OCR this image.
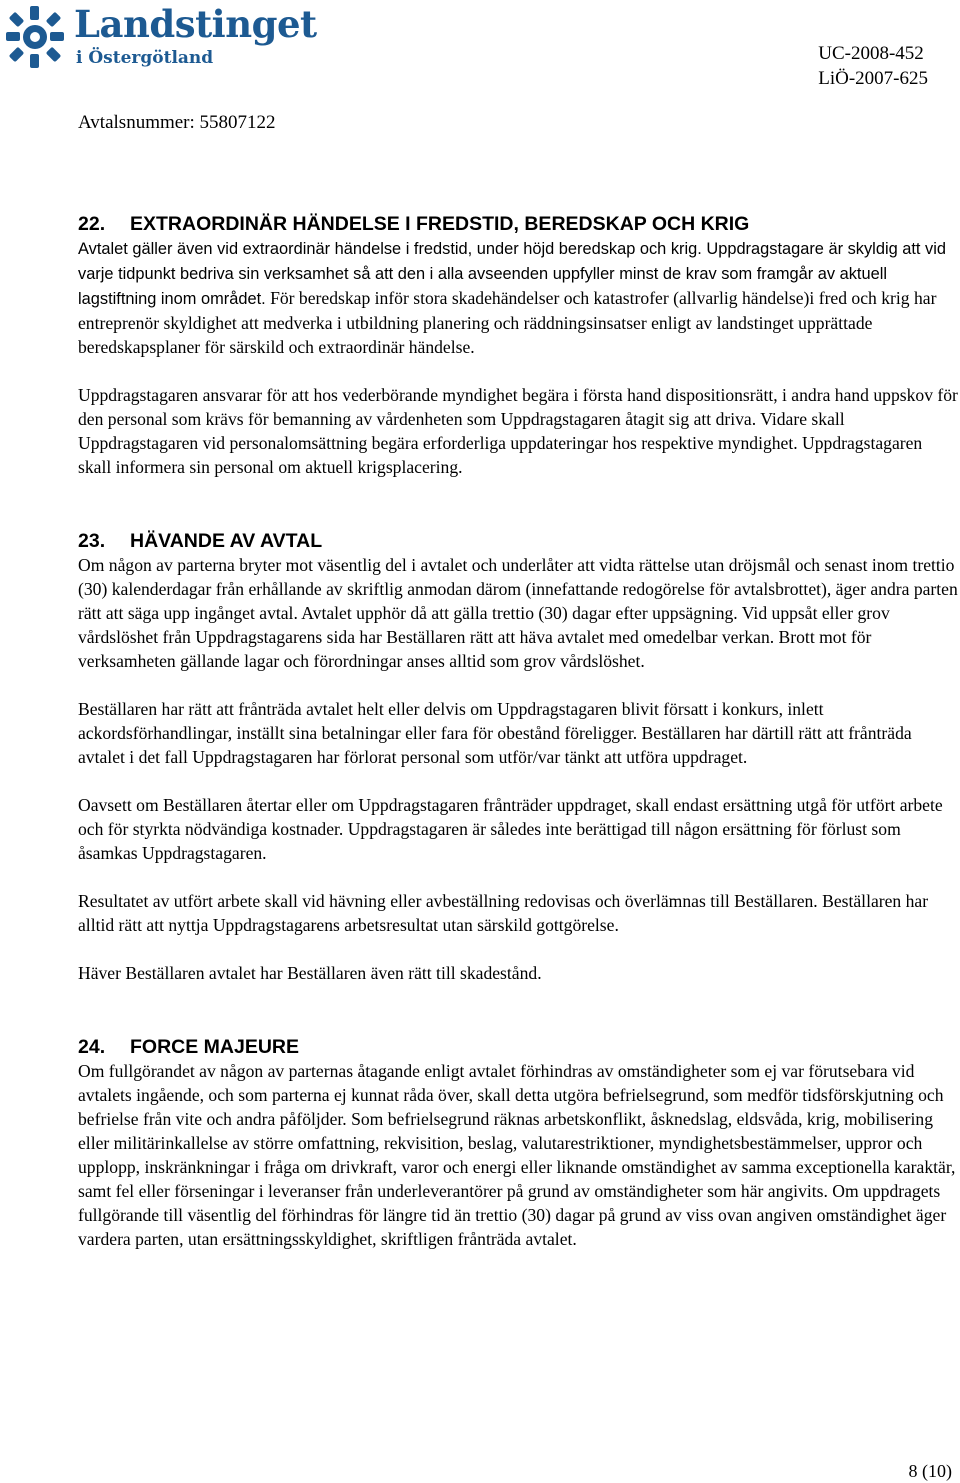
Landstinget
i Östergötland	UC-2008-452
LiÖ-2007-625
Avtalsnummer: 55807122
22. EXTRAORDINÄR HÄNDELSE I FREDSTID, BEREDSKAP OCH KRIG

Avtalet gäller även vid extraordinär händelse i fredstid, under höjd beredskap och krig. Uppdragstagare är skyldig att vid varje tidpunkt bedriva sin verksamhet så att den i alla avseenden uppfyller minst de krav som framgår av aktuell lagstiftning inom området. För beredskap inför stora skadehändelser och katastrofer (allvarlig händelse)i fred och krig har entreprenör skyldighet att medverka i utbildning planering och räddningsinsatser enligt av landstinget upprättade beredskapsplaner för särskild och extraordinär händelse.

Uppdragstagaren ansvarar för att hos vederbörande myndighet begära i första hand dispositionsrätt, i andra hand uppskov för den personal som krävs för bemanning av vårdenheten som Uppdragstagaren åtagit sig att driva. Vidare skall Uppdragstagaren vid personalomsättning begära erforderliga uppdateringar hos respektive myndighet. Uppdragstagaren skall informera sin personal om aktuell krigsplacering.

23. HÄVANDE AV AVTAL

Om någon av parterna bryter mot väsentlig del i avtalet och underlåter att vidta rättelse utan dröjsmål och senast inom trettio (30) kalenderdagar från erhållande av skriftlig anmodan därom (innefattande redogörelse för avtalsbrottet), äger andra parten rätt att säga upp ingånget avtal. Avtalet upphör då att gälla trettio (30) dagar efter uppsägning. Vid uppsåt eller grov vårdslöshet från Uppdragstagarens sida har Beställaren rätt att häva avtalet med omedelbar verkan. Brott mot för verksamheten gällande lagar och förordningar anses alltid som grov vårdslöshet.

Beställaren har rätt att frånträda avtalet helt eller delvis om Uppdragstagaren blivit försatt i konkurs, inlett ackordsförhandlingar, inställt sina betalningar eller fara för obestånd föreligger. Beställaren har därtill rätt att frånträda avtalet i det fall Uppdragstagaren har förlorat personal som utför/var tänkt att utföra uppdraget.

Oavsett om Beställaren återtar eller om Uppdragstagaren frånträder uppdraget, skall endast ersättning utgå för utfört arbete och för styrkta nödvändiga kostnader. Uppdragstagaren är således inte berättigad till någon ersättning för förlust som åsamkas Uppdragstagaren.

Resultatet av utfört arbete skall vid hävning eller avbeställning redovisas och överlämnas till Beställaren. Beställaren har alltid rätt att nyttja Uppdragstagarens arbetsresultat utan särskild gottgörelse.

Häver Beställaren avtalet har Beställaren även rätt till skadestånd.

24. FORCE MAJEURE

Om fullgörandet av någon av parternas åtagande enligt avtalet förhindras av omständigheter som ej var förutsebara vid avtalets ingående, och som parterna ej kunnat råda över, skall detta utgöra befrielsegrund, som medför tidsförskjutning och befrielse från vite och andra påföljder. Som befrielsegrund räknas arbetskonflikt, åsknedslag, eldsvåda, krig, mobilisering eller militärinkallelse av större omfattning, rekvisition, beslag, valutarestriktioner, myndighetsbestämmelser, uppror och upplopp, inskränkningar i fråga om drivkraft, varor och energi eller liknande omständighet av samma exceptionella karaktär, samt fel eller förseningar i leveranser från underleverantörer på grund av omständigheter som här angivits. Om uppdragets fullgörande till väsentlig del förhindras för längre tid än trettio (30) dagar på grund av viss ovan angiven omständighet äger vardera parten, utan ersättningsskyldighet, skriftligen frånträda avtalet.

8 (10)
